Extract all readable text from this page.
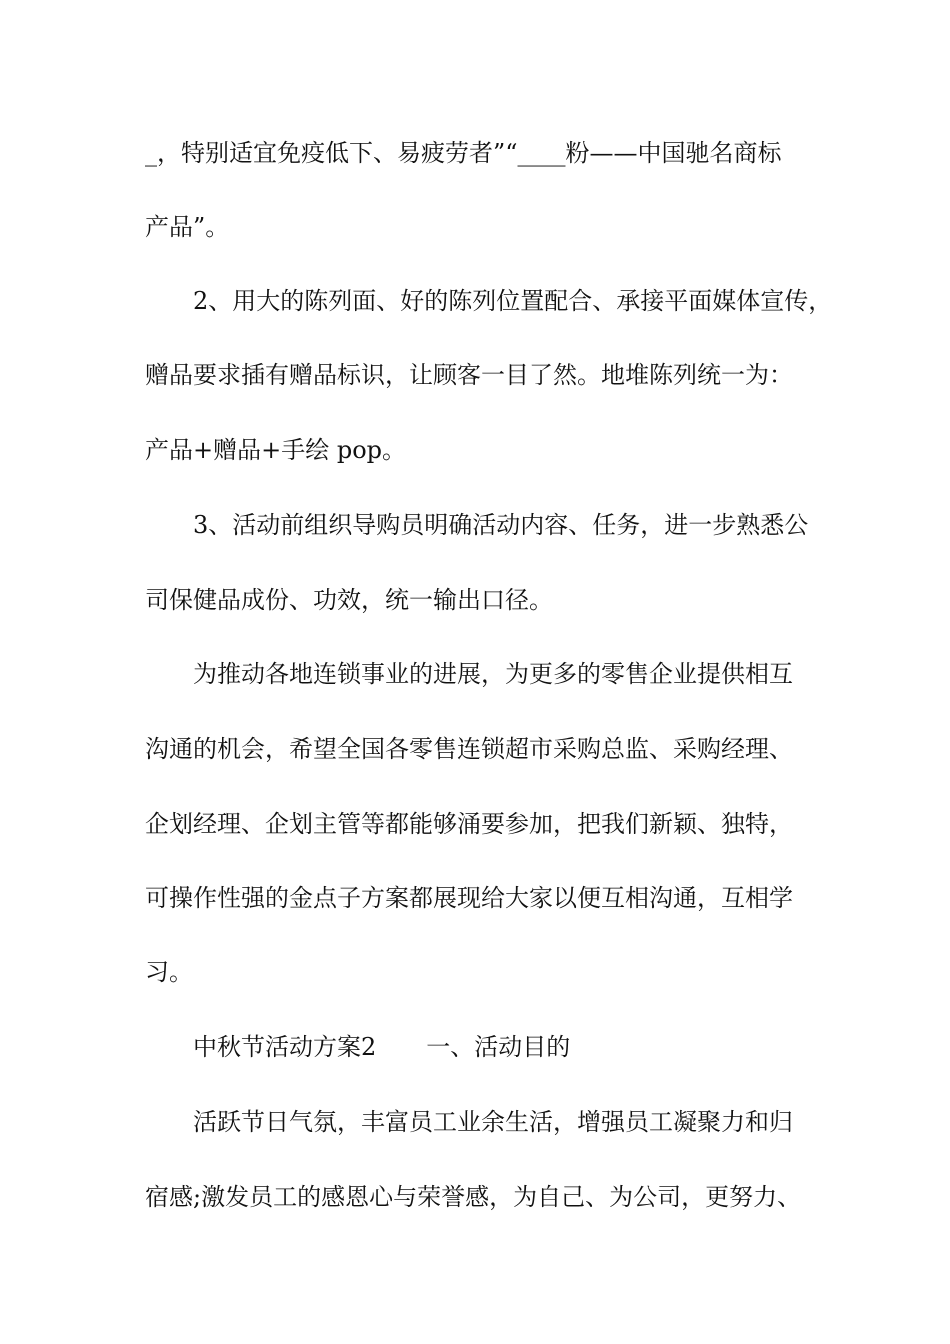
_，特别适宜免疫低下、易疲劳者”“____粉——中国驰名商标
产品”。
2、用大的陈列面、好的陈列位置配合、承接平面媒体宣传，
赠品要求插有赠品标识，让顾客一目了然。地堆陈列统一为：
产品+赠品+手绘 pop。
3、活动前组织导购员明确活动内容、任务，进一步熟悉公
司保健品成份、功效，统一输出口径。
为推动各地连锁事业的进展，为更多的零售企业提供相互
沟通的机会，希望全国各零售连锁超市采购总监、采购经理、
企划经理、企划主管等都能够涌要参加，把我们新颖、独特，
可操作性强的金点子方案都展现给大家以便互相沟通，互相学
习。
中秋节活动方案2 一、活动目的
活跃节日气氛，丰富员工业余生活，增强员工凝聚力和归
宿感;激发员工的感恩心与荣誉感，为自己、为公司，更努力、
